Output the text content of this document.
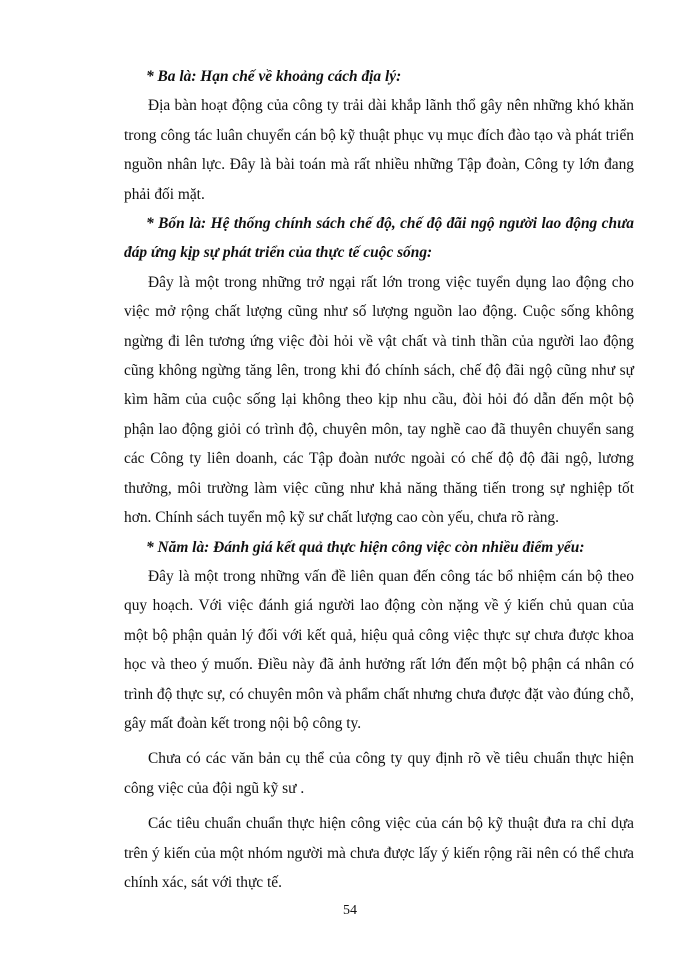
* Ba là: Hạn chế về khoảng cách địa lý:

Địa bàn hoạt động của công ty trải dài khắp lãnh thổ gây nên những khó khăn trong công tác luân chuyển cán bộ kỹ thuật phục vụ mục đích đào tạo và phát triển nguồn nhân lực. Đây là bài toán mà rất nhiều những Tập đoàn, Công ty lớn đang phải đối mặt.

* Bốn là: Hệ thống chính sách chế độ, chế độ đãi ngộ người lao động chưa đáp ứng kịp sự phát triển của thực tế cuộc sống:

Đây là một trong những trở ngại rất lớn trong việc tuyển dụng lao động cho việc mở rộng chất lượng cũng như số lượng nguồn lao động. Cuộc sống không ngừng đi lên tương ứng việc đòi hỏi về vật chất và tinh thần của người lao động cũng không ngừng tăng lên, trong khi đó chính sách, chế độ đãi ngộ cũng như sự kìm hãm của cuộc sống lại không theo kịp nhu cầu, đòi hỏi đó dẫn đến một bộ phận lao động giỏi có trình độ, chuyên môn, tay nghề cao đã thuyên chuyển sang các Công ty liên doanh, các Tập đoàn nước ngoài có chế độ độ đãi ngộ, lương thưởng, môi trường làm việc cũng như khả năng thăng tiến trong sự nghiệp tốt hơn. Chính sách tuyển mộ kỹ sư chất lượng cao còn yếu, chưa rõ ràng.

* Năm là: Đánh giá kết quả thực hiện công việc còn nhiều điểm yếu:

Đây là một trong những vấn đề liên quan đến công tác bổ nhiệm cán bộ theo quy hoạch. Với việc đánh giá người lao động còn nặng về ý kiến chủ quan của một bộ phận quản lý đối với kết quả, hiệu quả công việc thực sự chưa được khoa học và theo ý muốn. Điều này đã ảnh hưởng rất lớn đến một bộ phận cá nhân có trình độ thực sự, có chuyên môn và phẩm chất nhưng chưa được đặt vào đúng chỗ, gây mất đoàn kết trong nội bộ công ty.

Chưa có các văn bản cụ thể của công ty quy định rõ về tiêu chuẩn thực hiện công việc của đội ngũ kỹ sư .

Các tiêu chuẩn chuẩn thực hiện công việc của cán bộ kỹ thuật đưa ra chỉ dựa trên ý kiến của một nhóm người mà chưa được lấy ý kiến rộng rãi nên có thể chưa chính xác, sát với thực tế.

54
